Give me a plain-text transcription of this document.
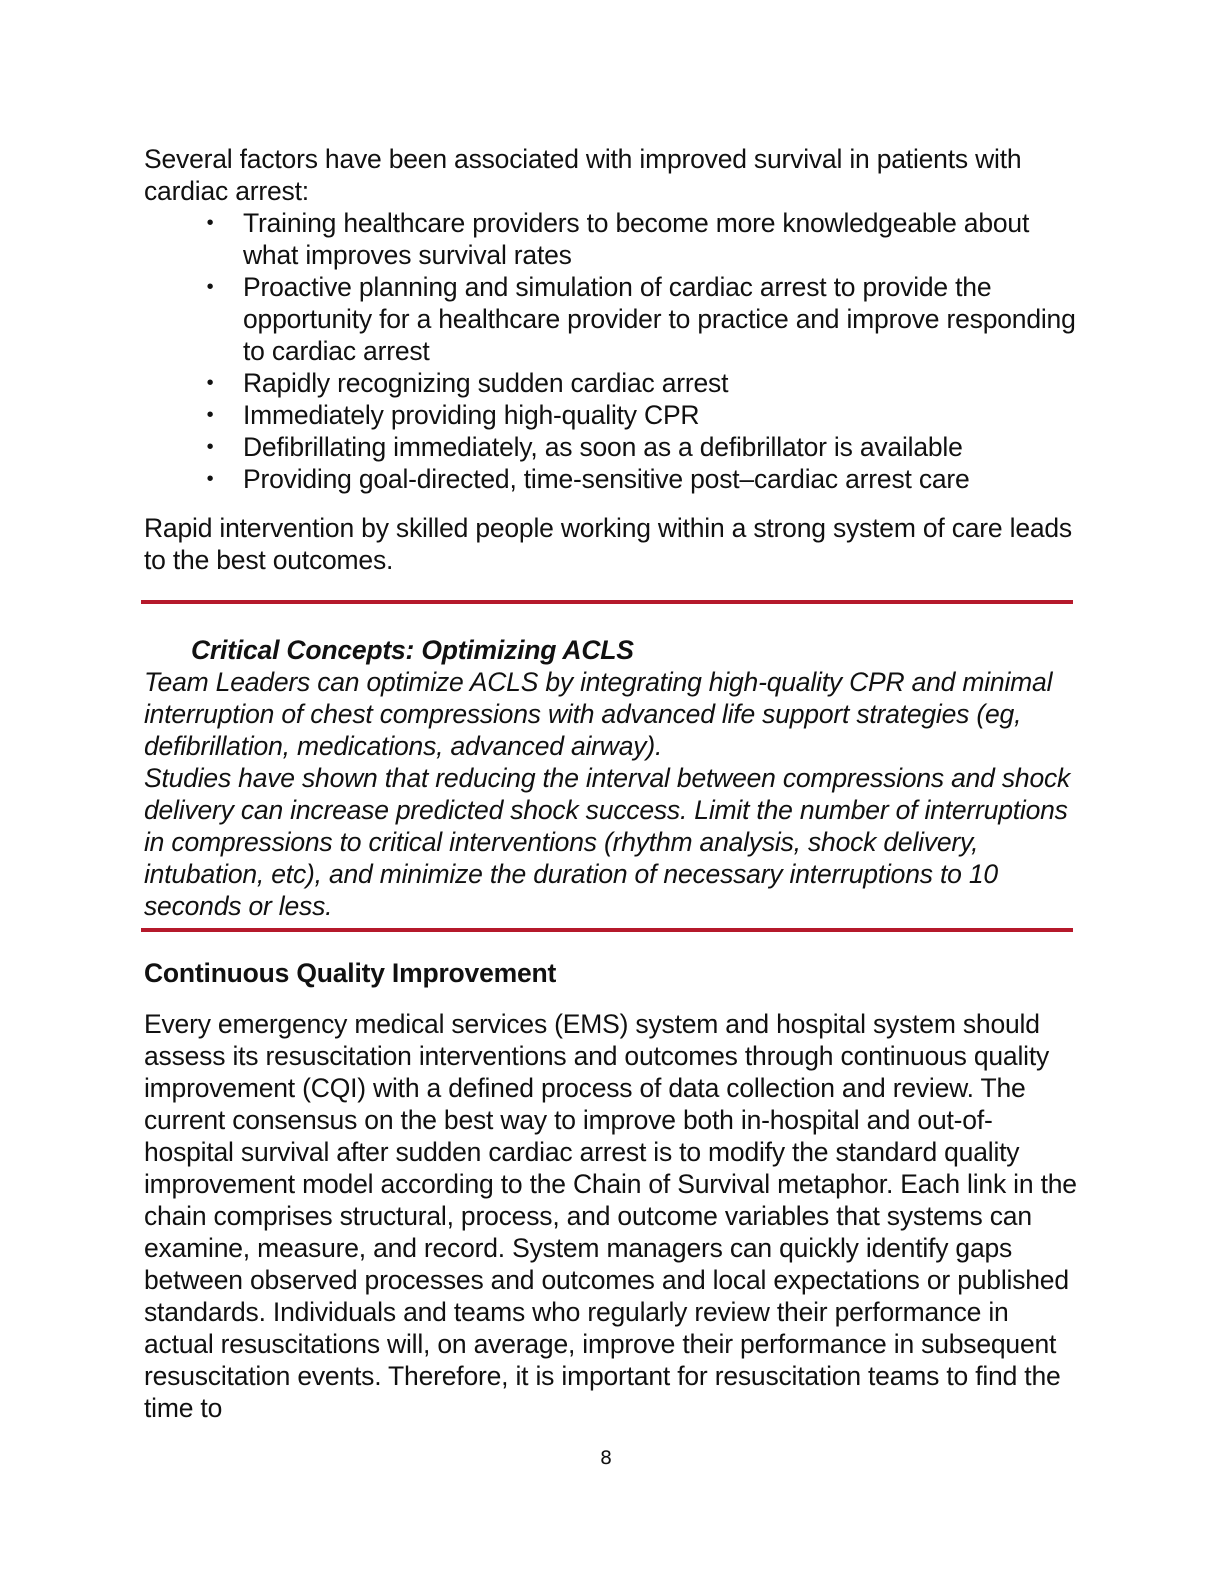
Several factors have been associated with improved survival in patients with cardiac arrest:
• Training healthcare providers to become more knowledgeable about what improves survival rates
• Proactive planning and simulation of cardiac arrest to provide the opportunity for a healthcare provider to practice and improve responding to cardiac arrest
• Rapidly recognizing sudden cardiac arrest
• Immediately providing high-quality CPR
• Defibrillating immediately, as soon as a defibrillator is available
• Providing goal-directed, time-sensitive post–cardiac arrest care
Rapid intervention by skilled people working within a strong system of care leads to the best outcomes.
Critical Concepts: Optimizing ACLS

Team Leaders can optimize ACLS by integrating high-quality CPR and minimal interruption of chest compressions with advanced life support strategies (eg, defibrillation, medications, advanced airway).

Studies have shown that reducing the interval between compressions and shock delivery can increase predicted shock success. Limit the number of interruptions in compressions to critical interventions (rhythm analysis, shock delivery, intubation, etc), and minimize the duration of necessary interruptions to 10 seconds or less.

Continuous Quality Improvement
Every emergency medical services (EMS) system and hospital system should assess its resuscitation interventions and outcomes through continuous quality improvement (CQI) with a defined process of data collection and review. The current consensus on the best way to improve both in-hospital and out-of-hospital survival after sudden cardiac arrest is to modify the standard quality improvement model according to the Chain of Survival metaphor. Each link in the chain comprises structural, process, and outcome variables that systems can examine, measure, and record. System managers can quickly identify gaps between observed processes and outcomes and local expectations or published standards. Individuals and teams who regularly review their performance in actual resuscitations will, on average, improve their performance in subsequent resuscitation events. Therefore, it is important for resuscitation teams to find the time to
8
